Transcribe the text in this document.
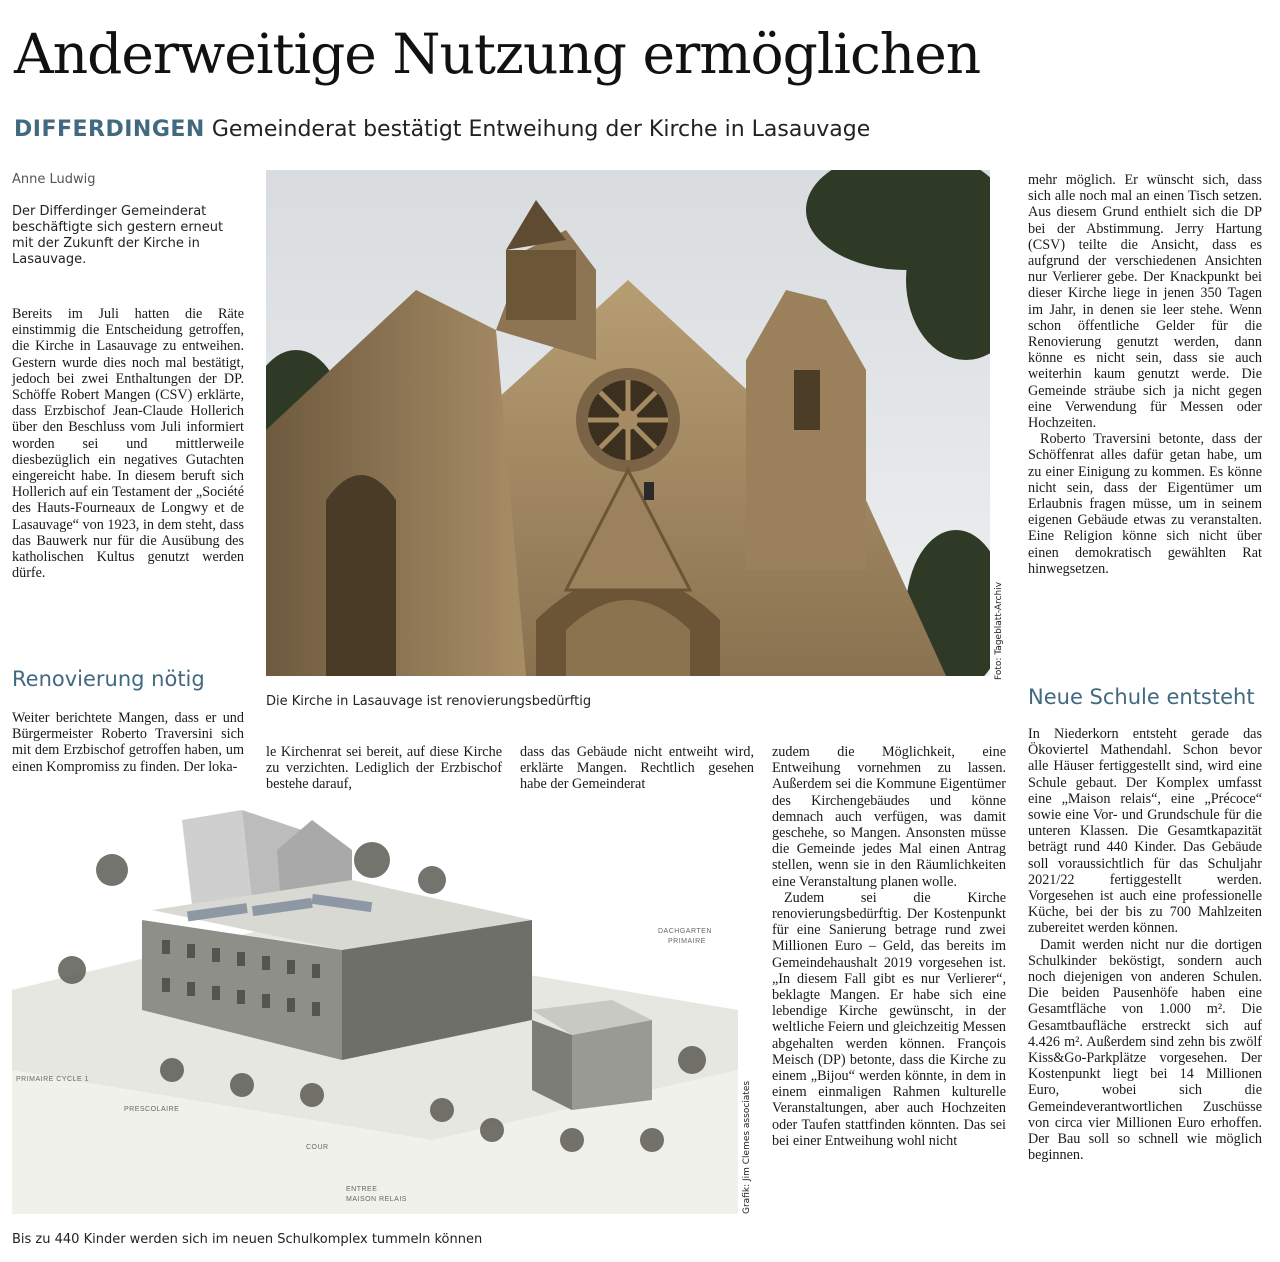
Anderweitige Nutzung ermöglichen
DIFFERDINGEN Gemeinderat bestätigt Entweihung der Kirche in Lasauvage
Anne Ludwig
Der Differdinger Gemeinderat beschäftigte sich gestern erneut mit der Zukunft der Kirche in Lasauvage.

Bereits im Juli hatten die Räte einstimmig die Entscheidung getroffen, die Kirche in Lasauvage zu entweihen. Gestern wurde dies noch mal bestätigt, jedoch bei zwei Enthaltungen der DP. Schöffe Robert Mangen (CSV) erklärte, dass Erzbischof Jean-Claude Hollerich über den Beschluss vom Juli informiert worden sei und mittlerweile diesbezüglich ein negatives Gutachten eingereicht habe. In diesem beruft sich Hollerich auf ein Testament der „Société des Hauts-Fourneaux de Longwy et de Lasauvage“ von 1923, in dem steht, dass das Bauwerk nur für die Ausübung des katholischen Kultus genutzt werden dürfe.

Renovierung nötig

Weiter berichtete Mangen, dass er und Bürgermeister Roberto Traversini sich mit dem Erzbischof getroffen haben, um einen Kompromiss zu finden. Der loka-

Foto: Tageblatt-Archiv
Die Kirche in Lasauvage ist renovierungsbedürftig

le Kirchenrat sei bereit, auf diese Kirche zu verzichten. Lediglich der Erzbischof bestehe darauf,

dass das Gebäude nicht entweiht wird, erklärte Mangen. Rechtlich gesehen habe der Gemeinderat

DACHGARTEN
PRIMAIRE
PRIMAIRE CYCLE 1
PRESCOLAIRE
COUR
ENTREE
MAISON RELAIS	Grafik: Jim Clemes associates
Bis zu 440 Kinder werden sich im neuen Schulkomplex tummeln können

zudem die Möglichkeit, eine Entweihung vornehmen zu lassen. Außerdem sei die Kommune Eigentümer des Kirchengebäudes und könne demnach auch verfügen, was damit geschehe, so Mangen. Ansonsten müsse die Gemeinde jedes Mal einen Antrag stellen, wenn sie in den Räumlichkeiten eine Veranstaltung planen wolle.

Zudem sei die Kirche renovierungsbedürftig. Der Kostenpunkt für eine Sanierung betrage rund zwei Millionen Euro – Geld, das bereits im Gemeindehaushalt 2019 vorgesehen ist. „In diesem Fall gibt es nur Verlierer“, beklagte Mangen. Er habe sich eine lebendige Kirche gewünscht, in der weltliche Feiern und gleichzeitig Messen abgehalten werden können. François Meisch (DP) betonte, dass die Kirche zu einem „Bijou“ werden könnte, in dem in einem einmaligen Rahmen kulturelle Veranstaltungen, aber auch Hochzeiten oder Taufen stattfinden könnten. Das sei bei einer Entweihung wohl nicht

mehr möglich. Er wünscht sich, dass sich alle noch mal an einen Tisch setzen. Aus diesem Grund enthielt sich die DP bei der Abstimmung. Jerry Hartung (CSV) teilte die Ansicht, dass es aufgrund der verschiedenen Ansichten nur Verlierer gebe. Der Knackpunkt bei dieser Kirche liege in jenen 350 Tagen im Jahr, in denen sie leer stehe. Wenn schon öffentliche Gelder für die Renovierung genutzt werden, dann könne es nicht sein, dass sie auch weiterhin kaum genutzt werde. Die Gemeinde sträube sich ja nicht gegen eine Verwendung für Messen oder Hochzeiten.

Roberto Traversini betonte, dass der Schöffenrat alles dafür getan habe, um zu einer Einigung zu kommen. Es könne nicht sein, dass der Eigentümer um Erlaubnis fragen müsse, um in seinem eigenen Gebäude etwas zu veranstalten. Eine Religion könne sich nicht über einen demokratisch gewählten Rat hinwegsetzen.

Neue Schule entsteht

In Niederkorn entsteht gerade das Ökoviertel Mathendahl. Schon bevor alle Häuser fertiggestellt sind, wird eine Schule gebaut. Der Komplex umfasst eine „Maison relais“, eine „Précoce“ sowie eine Vor- und Grundschule für die unteren Klassen. Die Gesamtkapazität beträgt rund 440 Kinder. Das Gebäude soll voraussichtlich für das Schuljahr 2021/22 fertiggestellt werden. Vorgesehen ist auch eine professionelle Küche, bei der bis zu 700 Mahlzeiten zubereitet werden können.

Damit werden nicht nur die dortigen Schulkinder beköstigt, sondern auch noch diejenigen von anderen Schulen. Die beiden Pausenhöfe haben eine Gesamtfläche von 1.000 m². Die Gesamtbaufläche erstreckt sich auf 4.426 m². Außerdem sind zehn bis zwölf Kiss&Go-Parkplätze vorgesehen. Der Kostenpunkt liegt bei 14 Millionen Euro, wobei sich die Gemeindeverantwortlichen Zuschüsse von circa vier Millionen Euro erhoffen. Der Bau soll so schnell wie möglich beginnen.
